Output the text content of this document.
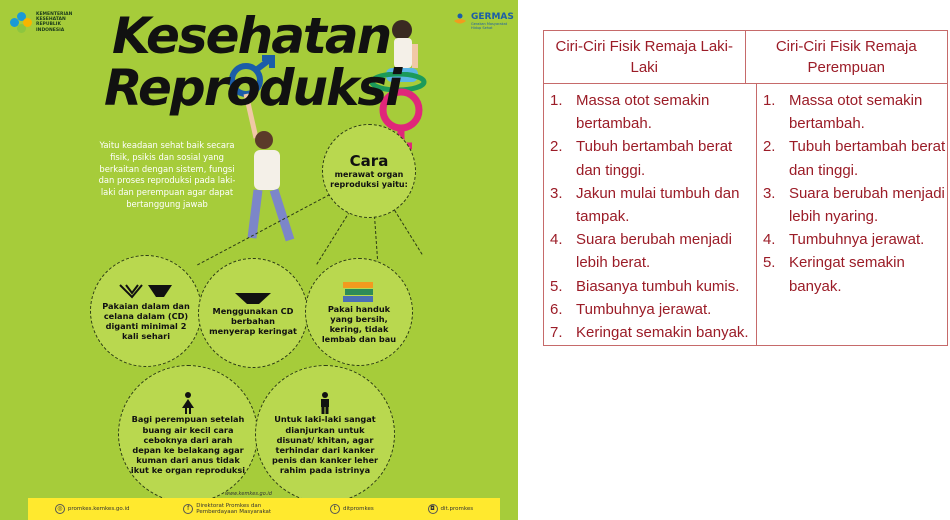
KEMENTERIAN KESEHATAN REPUBLIK INDONESIA
GERMAS
Gerakan Masyarakat Hidup Sehat
Kesehatan
Reproduksi
Yaitu keadaan sehat baik secara fisik, psikis dan sosial yang berkaitan dengan sistem, fungsi dan proses reproduksi pada laki-laki dan perempuan agar dapat bertanggung jawab
Cara
merawat organ reproduksi yaitu:
Pakaian dalam dan celana dalam (CD) diganti minimal 2 kali sehari
Menggunakan CD berbahan menyerap keringat
Pakai handuk yang bersih, kering, tidak lembab dan bau
Bagi perempuan setelah buang air kecil cara ceboknya dari arah depan ke belakang agar kuman dari anus tidak ikut ke organ reproduksi
Untuk laki-laki sangat dianjurkan untuk disunat/ khitan, agar terhindar dari kanker penis dan kanker leher rahim pada istrinya
www.kemkes.go.id
◎ promkes.kemkes.go.id	f	Direktorat Promkes dan Pemberdayaan Masyarakat	t	ditpromkes	◘	dit.promkes
Ciri-Ciri Fisik Remaja Laki-Laki
Ciri-Ciri Fisik Remaja Perempuan
1. Massa otot semakin bertambah.
2. Tubuh bertambah berat dan tinggi.
3. Jakun mulai tumbuh dan tampak.
4. Suara berubah menjadi lebih berat.
5. Biasanya tumbuh kumis.
6. Tumbuhnya jerawat.
7. Keringat semakin banyak.
1. Massa otot semakin bertambah.
2. Tubuh bertambah berat dan tinggi.
3. Suara berubah menjadi lebih nyaring.
4. Tumbuhnya jerawat.
5. Keringat semakin banyak.
